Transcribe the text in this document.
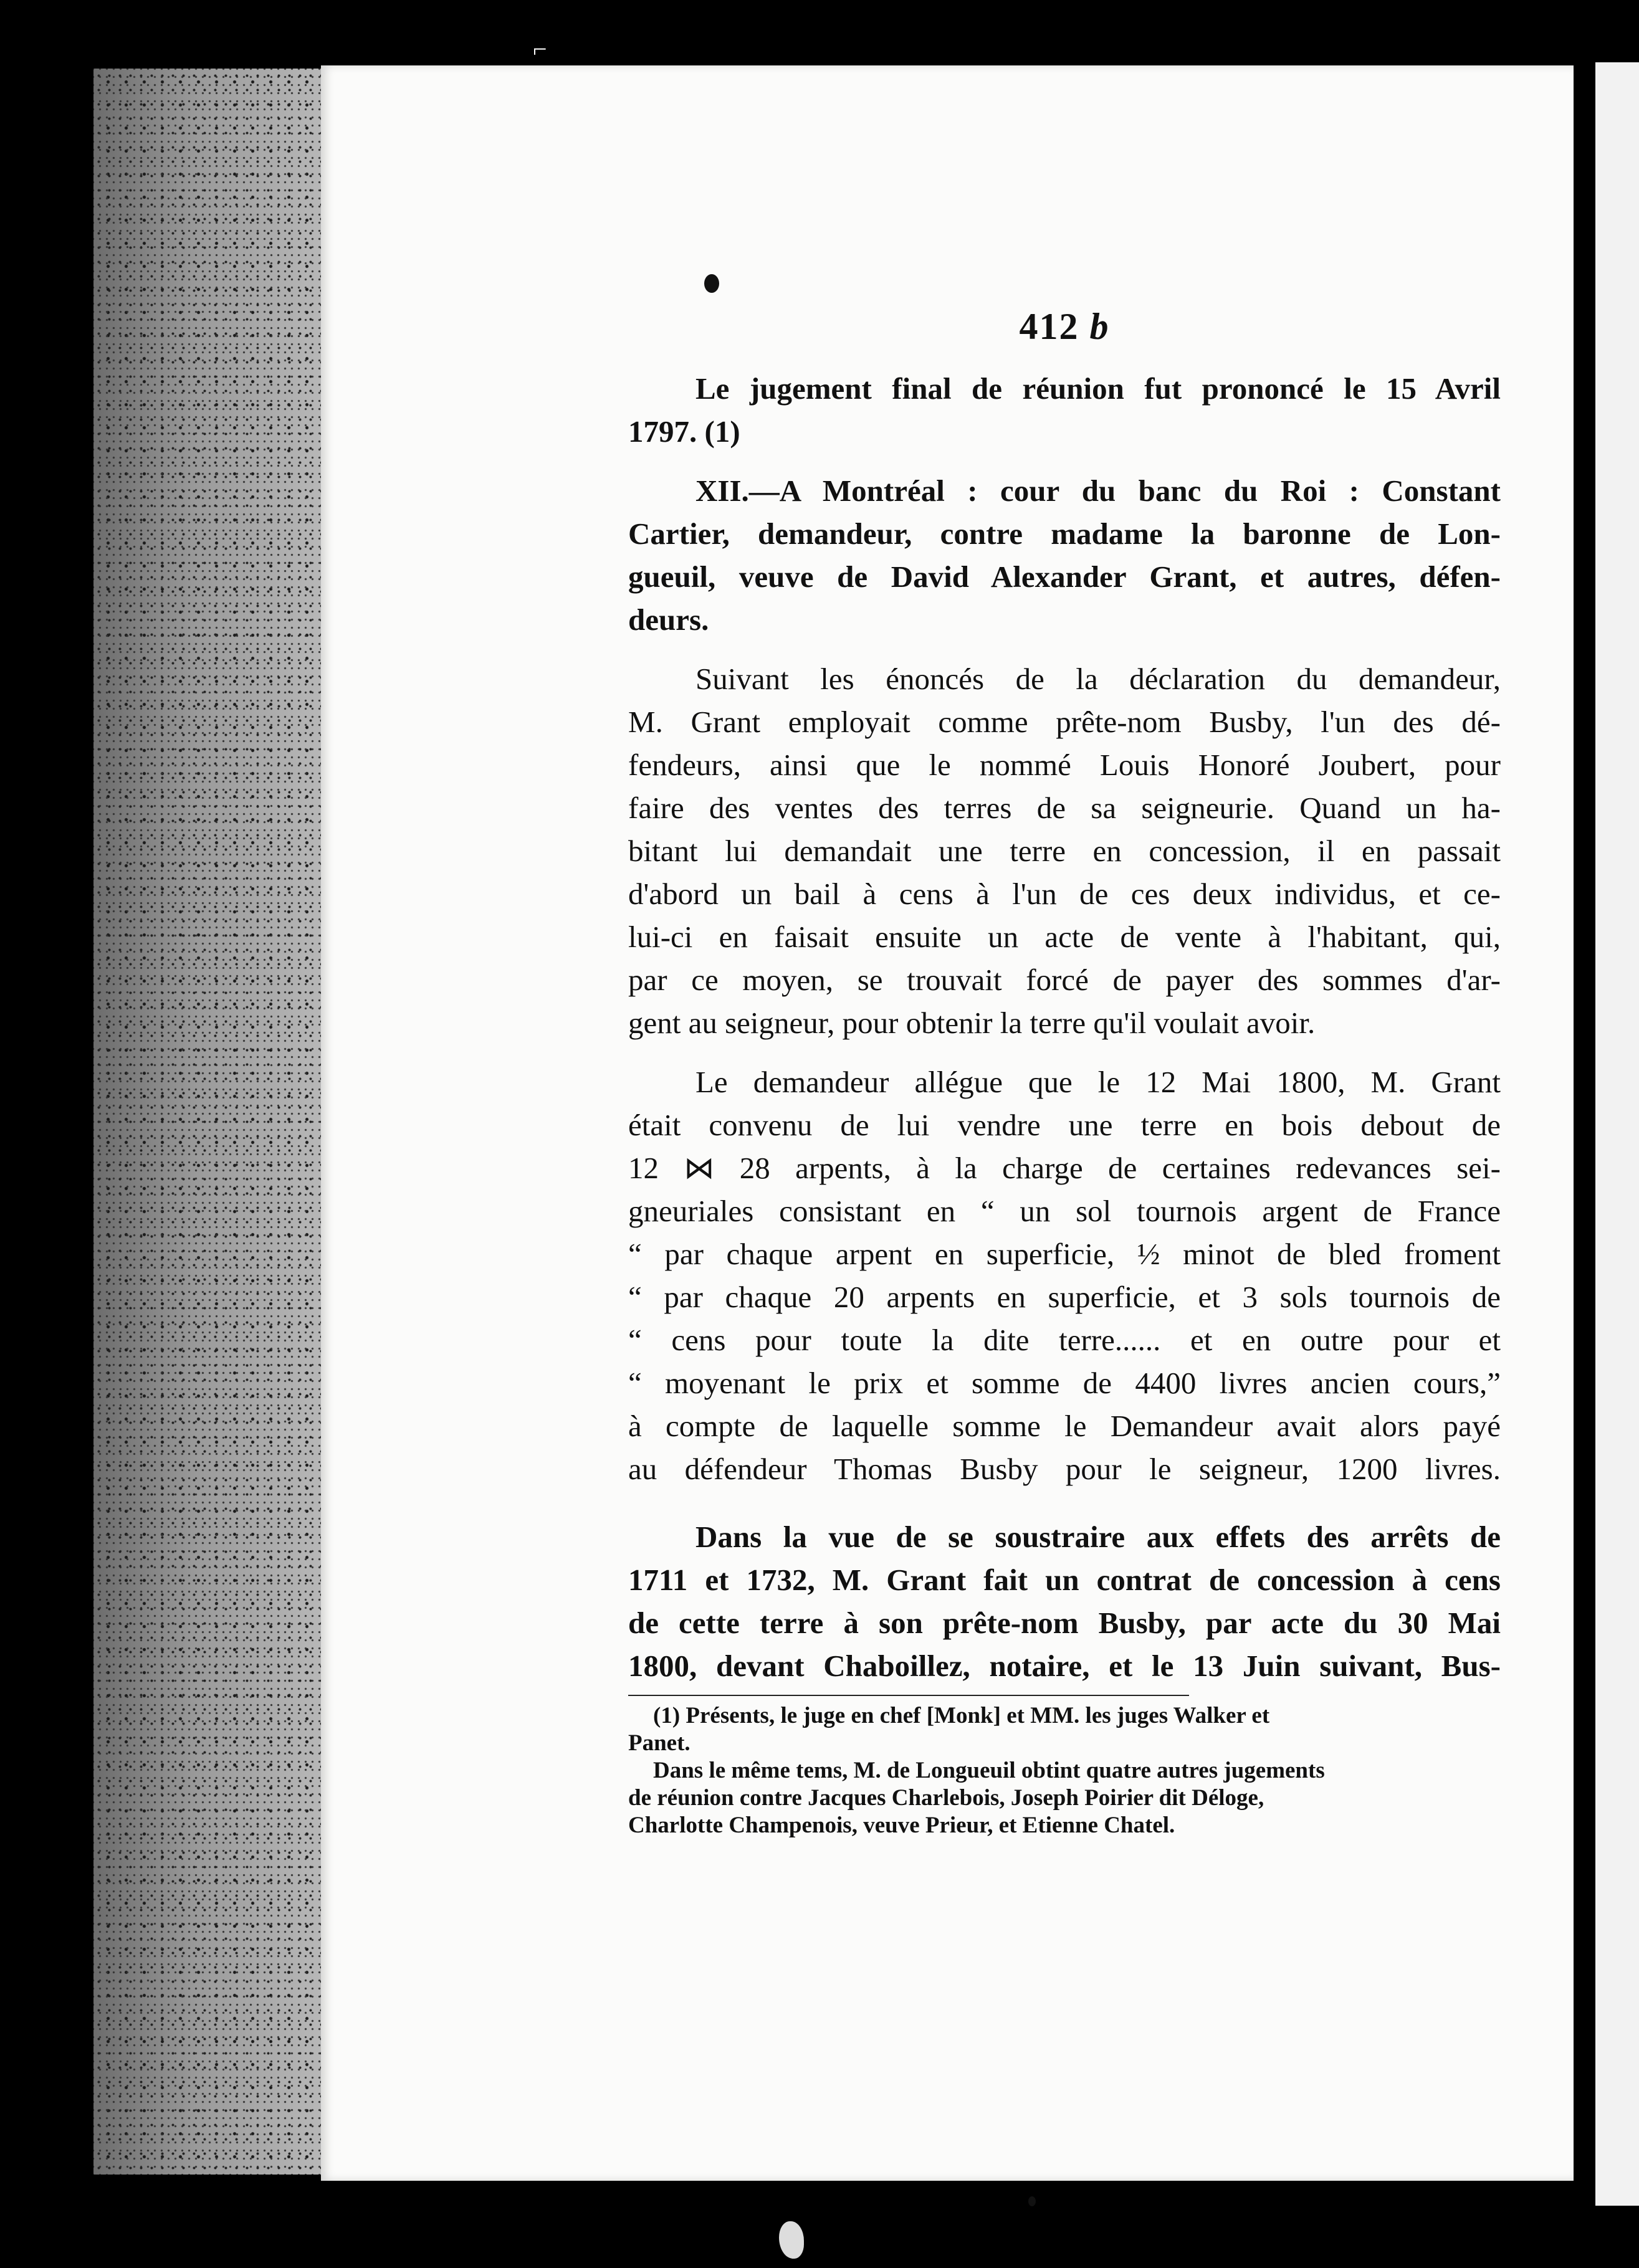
⌐
412 b

Le jugement final de réunion fut prononcé le 15 Avril

1797. (1)

XII.—A Montréal : cour du banc du Roi : Constant

Cartier, demandeur, contre madame la baronne de Lon-

gueuil, veuve de David Alexander Grant, et autres, défen-

deurs.

Suivant les énoncés de la déclaration du demandeur,

M. Grant employait comme prête-nom Busby, l'un des dé-

fendeurs, ainsi que le nommé Louis Honoré Joubert, pour

faire des ventes des terres de sa seigneurie. Quand un ha-

bitant lui demandait une terre en concession, il en passait

d'abord un bail à cens à l'un de ces deux individus, et ce-

lui-ci en faisait ensuite un acte de vente à l'habitant, qui,

par ce moyen, se trouvait forcé de payer des sommes d'ar-

gent au seigneur, pour obtenir la terre qu'il voulait avoir.

Le demandeur allégue que le 12 Mai 1800, M. Grant

était convenu de lui vendre une terre en bois debout de

12 ⋈ 28 arpents, à la charge de certaines redevances sei-

gneuriales consistant en “ un sol tournois argent de France

“ par chaque arpent en superficie, ½ minot de bled froment

“ par chaque 20 arpents en superficie, et 3 sols tournois de

“ cens pour toute la dite terre...... et en outre pour et

“ moyenant le prix et somme de 4400 livres ancien cours,”

à compte de laquelle somme le Demandeur avait alors payé

au défendeur Thomas Busby pour le seigneur, 1200 livres.

Dans la vue de se soustraire aux effets des arrêts de

1711 et 1732, M. Grant fait un contrat de concession à cens

de cette terre à son prête-nom Busby, par acte du 30 Mai

1800, devant Chaboillez, notaire, et le 13 Juin suivant, Bus-

(1) Présents, le juge en chef [Monk] et MM. les juges Walker et

Panet.

Dans le même tems, M. de Longueuil obtint quatre autres jugements

de réunion contre Jacques Charlebois, Joseph Poirier dit Déloge,

Charlotte Champenois, veuve Prieur, et Etienne Chatel.
